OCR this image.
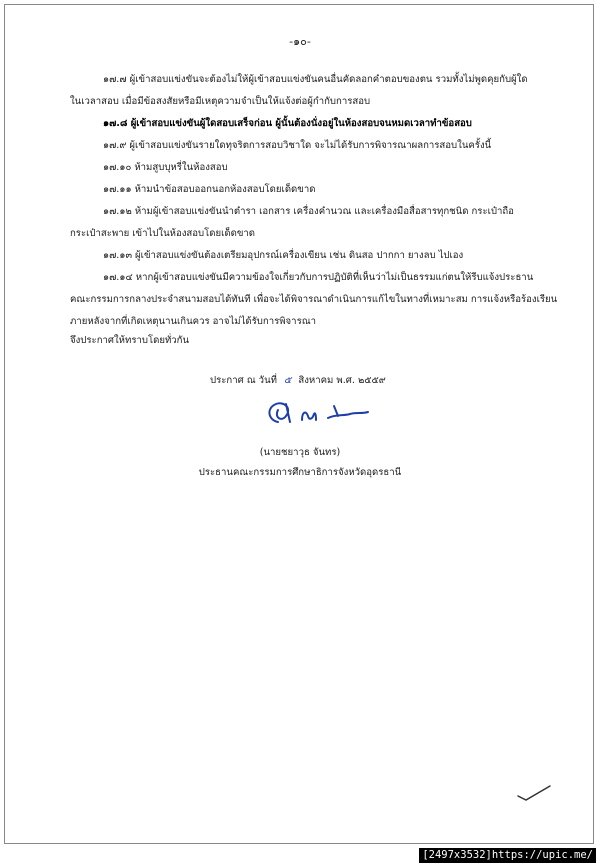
-๑๐-
๑๗.๗ ผู้เข้าสอบแข่งขันจะต้องไม่ให้ผู้เข้าสอบแข่งขันคนอื่นคัดลอกคำตอบของตน รวมทั้งไม่พูดคุยกับผู้ใด
ในเวลาสอบ เมื่อมีข้อสงสัยหรือมีเหตุความจำเป็นให้แจ้งต่อผู้กำกับการสอบ
๑๗.๘ ผู้เข้าสอบแข่งขันผู้ใดสอบเสร็จก่อน ผู้นั้นต้องนั่งอยู่ในห้องสอบจนหมดเวลาทำข้อสอบ
๑๗.๙ ผู้เข้าสอบแข่งขันรายใดทุจริตการสอบวิชาใด จะไม่ได้รับการพิจารณาผลการสอบในครั้งนี้
๑๗.๑๐ ห้ามสูบบุหรี่ในห้องสอบ
๑๗.๑๑ ห้ามนำข้อสอบออกนอกห้องสอบโดยเด็ดขาด
๑๗.๑๒ ห้ามผู้เข้าสอบแข่งขันนำตำรา เอกสาร เครื่องคำนวณ และเครื่องมือสื่อสารทุกชนิด กระเป๋าถือ
กระเป๋าสะพาย เข้าไปในห้องสอบโดยเด็ดขาด
๑๗.๑๓ ผู้เข้าสอบแข่งขันต้องเตรียมอุปกรณ์เครื่องเขียน เช่น ดินสอ ปากกา ยางลบ ไปเอง
๑๗.๑๔ หากผู้เข้าสอบแข่งขันมีความข้องใจเกี่ยวกับการปฏิบัติที่เห็นว่าไม่เป็นธรรมแก่ตนให้รีบแจ้งประธาน
คณะกรรมการกลางประจำสนามสอบได้ทันที เพื่อจะได้พิจารณาดำเนินการแก้ไขในทางที่เหมาะสม การแจ้งหรือร้องเรียน
ภายหลังจากที่เกิดเหตุนานเกินควร อาจไม่ได้รับการพิจารณา
จึงประกาศให้ทราบโดยทั่วกัน
ประกาศ ณ วันที่ ๕ สิงหาคม พ.ศ. ๒๕๕๙
(นายชยาวุธ จันทร)
ประธานคณะกรรมการศึกษาธิการจังหวัดอุดรธานี
[2497x3532]https://upic.me/
